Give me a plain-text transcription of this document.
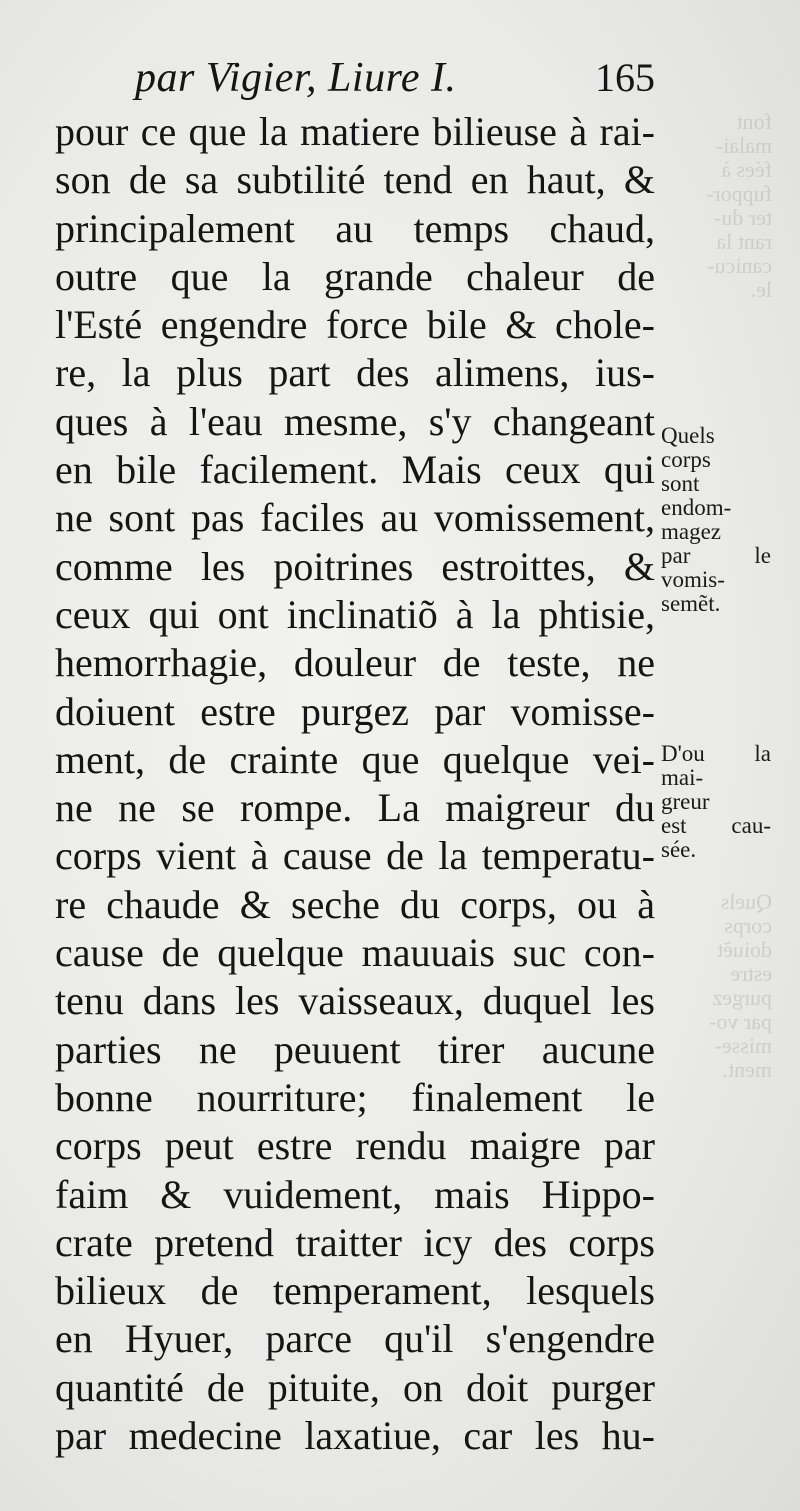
font
malai-
fées à
fuppor-
ter du-
rant la
canicu-
le.
Quels
corps
doiuẽt
estre
purgez
par vo-
misse-
ment.
par Vigier, Liure I.	165
pour ce que la matiere bilieuse à rai-
son de sa subtilité tend en haut, &
principalement au temps chaud,
outre que la grande chaleur de
l'Esté engendre force bile & chole-
re, la plus part des alimens, ius-
ques à l'eau mesme, s'y changeant
en bile facilement. Mais ceux qui
ne sont pas faciles au vomissement,
comme les poitrines estroittes, &
ceux qui ont inclinatiõ à la phtisie,
hemorrhagie, douleur de teste, ne
doiuent estre purgez par vomisse-
ment, de crainte que quelque vei-
ne ne se rompe. La maigreur du
corps vient à cause de la temperatu-
re chaude & seche du corps, ou à
cause de quelque mauuais suc con-
tenu dans les vaisseaux, duquel les
parties ne peuuent tirer aucune
bonne nourriture; finalement le
corps peut estre rendu maigre par
faim & vuidement, mais Hippo-
crate pretend traitter icy des corps
bilieux de temperament, lesquels
en Hyuer, parce qu'il s'engendre
quantité de pituite, on doit purger
par medecine laxatiue, car les hu-
Quels
corps
sont
endom-
magez
par le
vomis-
semẽt.
D'ou la
mai-
greur
est cau-
sée.
